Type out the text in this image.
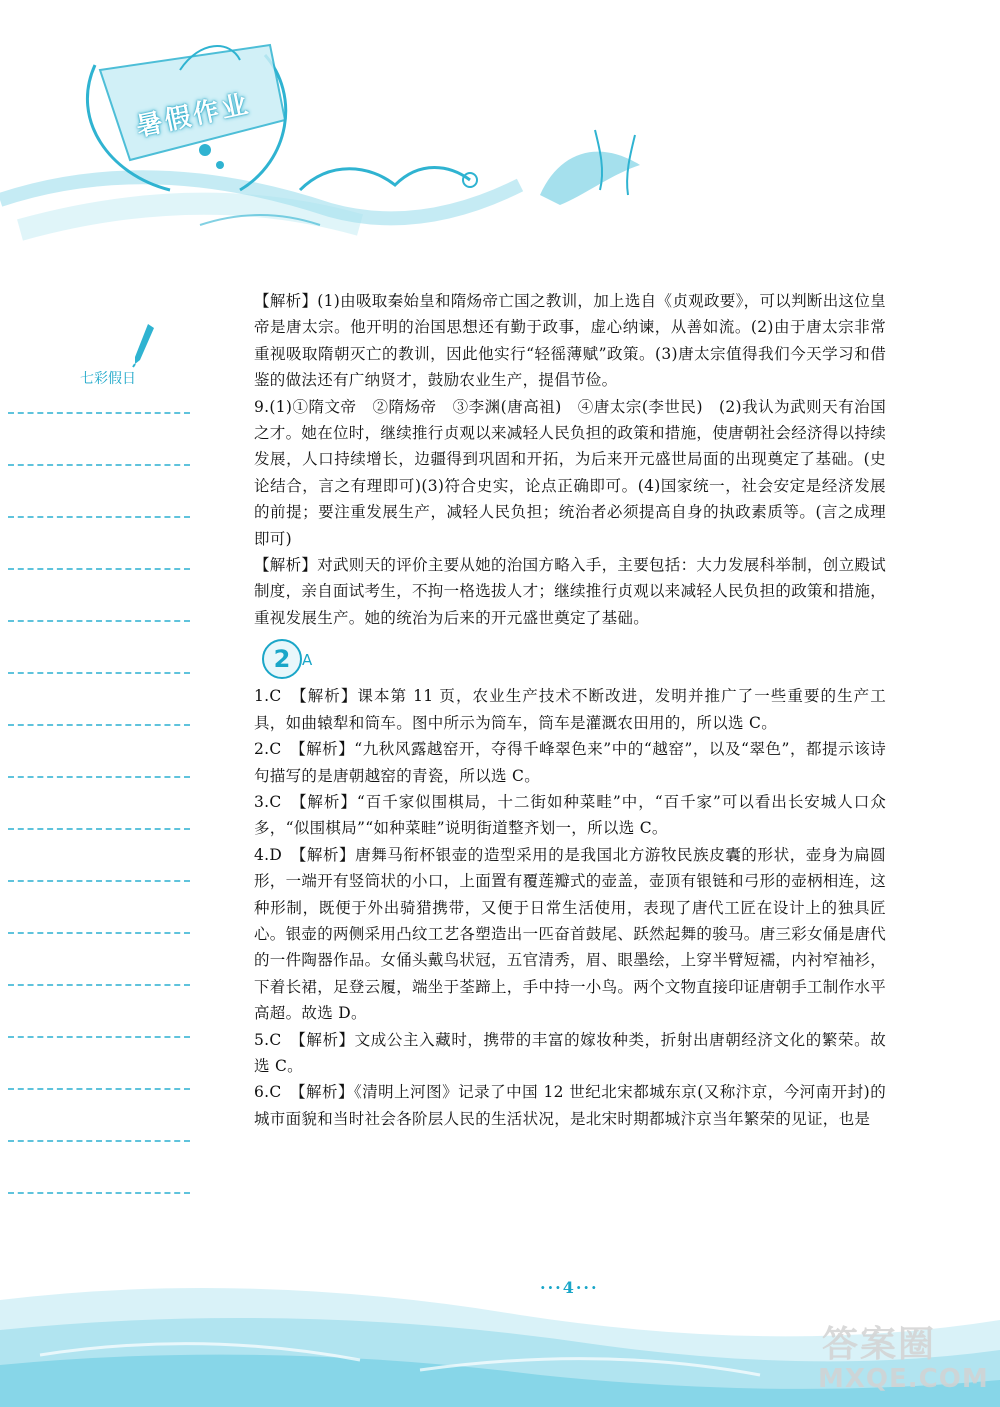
暑假作业
七彩假日

【解析】(1)由吸取秦始皇和隋炀帝亡国之教训，加上选自《贞观政要》，可以判断出这位皇帝是唐太宗。他开明的治国思想还有勤于政事，虚心纳谏，从善如流。(2)由于唐太宗非常重视吸取隋朝灭亡的教训，因此他实行“轻徭薄赋”政策。(3)唐太宗值得我们今天学习和借鉴的做法还有广纳贤才，鼓励农业生产，提倡节俭。

9.(1)①隋文帝　②隋炀帝　③李渊(唐高祖)　④唐太宗(李世民)　(2)我认为武则天有治国之才。她在位时，继续推行贞观以来减轻人民负担的政策和措施，使唐朝社会经济得以持续发展，人口持续增长，边疆得到巩固和开拓，为后来开元盛世局面的出现奠定了基础。(史论结合，言之有理即可)(3)符合史实，论点正确即可。(4)国家统一，社会安定是经济发展的前提；要注重发展生产，减轻人民负担；统治者必须提高自身的执政素质等。(言之成理即可)

【解析】对武则天的评价主要从她的治国方略入手，主要包括：大力发展科举制，创立殿试制度，亲自面试考生，不拘一格选拔人才；继续推行贞观以来减轻人民负担的政策和措施，重视发展生产。她的统治为后来的开元盛世奠定了基础。

2 A

1.C　【解析】课本第 11 页，农业生产技术不断改进，发明并推广了一些重要的生产工具，如曲辕犁和筒车。图中所示为筒车，筒车是灌溉农田用的，所以选 C。

2.C　【解析】“九秋风露越窑开，夺得千峰翠色来”中的“越窑”，以及“翠色”，都提示该诗句描写的是唐朝越窑的青瓷，所以选 C。

3.C　【解析】“百千家似围棋局，十二街如种菜畦”中，“百千家”可以看出长安城人口众多，“似围棋局”“如种菜畦”说明街道整齐划一，所以选 C。

4.D　【解析】唐舞马衔杯银壶的造型采用的是我国北方游牧民族皮囊的形状，壶身为扁圆形，一端开有竖筒状的小口，上面置有覆莲瓣式的壶盖，壶顶有银链和弓形的壶柄相连，这种形制，既便于外出骑猎携带，又便于日常生活使用，表现了唐代工匠在设计上的独具匠心。银壶的两侧采用凸纹工艺各塑造出一匹奋首鼓尾、跃然起舞的骏马。唐三彩女俑是唐代的一件陶器作品。女俑头戴鸟状冠，五官清秀，眉、眼墨绘，上穿半臂短襦，内衬窄袖衫，下着长裙，足登云履，端坐于荃蹄上，手中持一小鸟。两个文物直接印证唐朝手工制作水平高超。故选 D。

5.C　【解析】文成公主入藏时，携带的丰富的嫁妆种类，折射出唐朝经济文化的繁荣。故选 C。

6.C　【解析】《清明上河图》记录了中国 12 世纪北宋都城东京(又称汴京，今河南开封)的城市面貌和当时社会各阶层人民的生活状况，是北宋时期都城汴京当年繁荣的见证，也是

···4···
答案圈
MXQE.COM
